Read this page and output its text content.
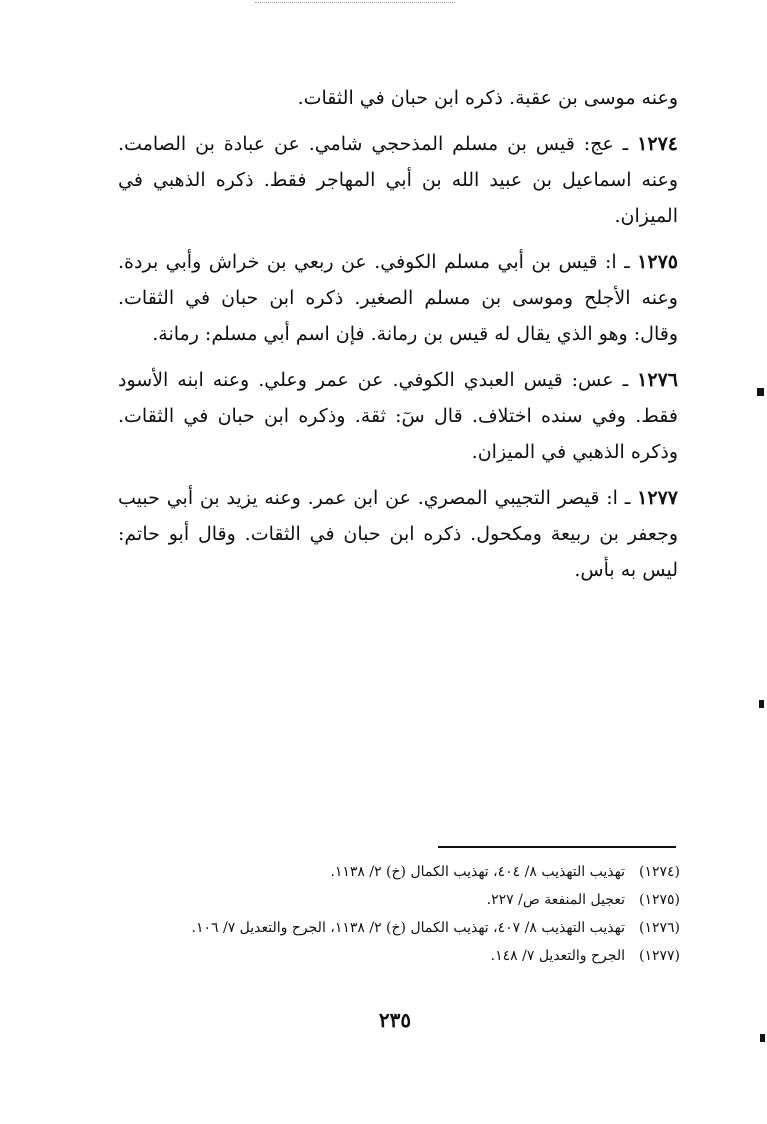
وعنه موسى بن عقبة. ذكره ابن حبان في الثقات.

١٢٧٤ ـ عج: قيس بن مسلم المذحجي شامي. عن عبادة بن الصامت. وعنه اسماعيل بن عبيد الله بن أبي المهاجر فقط. ذكره الذهبي في الميزان.

١٢٧٥ ـ ا: قيس بن أبي مسلم الكوفي. عن ربعي بن خراش وأبي بردة. وعنه الأجلح وموسى بن مسلم الصغير. ذكره ابن حبان في الثقات. وقال: وهو الذي يقال له قيس بن رمانة. فإن اسم أبي مسلم: رمانة.

١٢٧٦ ـ عس: قيس العبدي الكوفي. عن عمر وعلي. وعنه ابنه الأسود فقط. وفي سنده اختلاف. قال سٓ: ثقة. وذكره ابن حبان في الثقات. وذكره الذهبي في الميزان.

١٢٧٧ ـ ا: قيصر التجيبي المصري. عن ابن عمر. وعنه يزيد بن أبي حبيب وجعفر بن ربيعة ومكحول. ذكره ابن حبان في الثقات. وقال أبو حاتم: ليس به بأس.

(١٢٧٤)تهذيب التهذيب ٨/ ٤٠٤، تهذيب الكمال (خ) ٢/ ١١٣٨.
(١٢٧٥)تعجيل المنفعة ص/ ٢٢٧.
(١٢٧٦)تهذيب التهذيب ٨/ ٤٠٧، تهذيب الكمال (خ) ٢/ ١١٣٨، الجرح والتعديل ٧/ ١٠٦.
(١٢٧٧)الجرح والتعديل ٧/ ١٤٨.
٢٣٥
